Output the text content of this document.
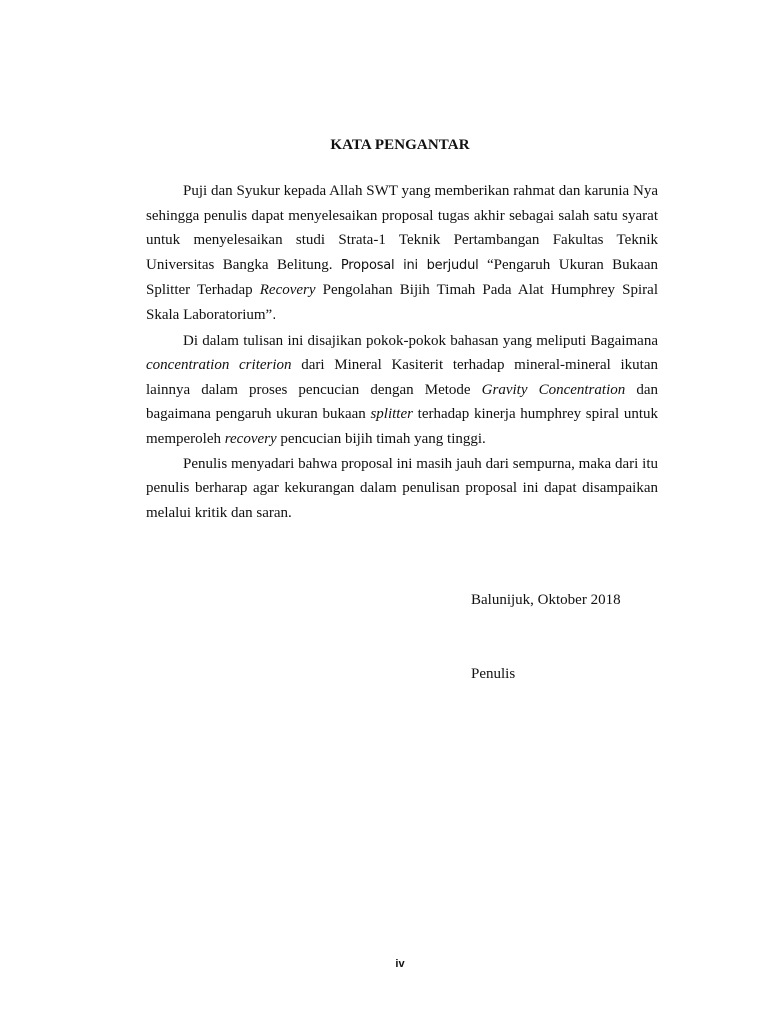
KATA PENGANTAR

Puji dan Syukur kepada Allah SWT yang memberikan rahmat dan karunia Nya sehingga penulis dapat menyelesaikan proposal tugas akhir sebagai salah satu syarat untuk menyelesaikan studi Strata-1 Teknik Pertambangan Fakultas Teknik Universitas Bangka Belitung. Proposal ini berjudul “Pengaruh Ukuran Bukaan Splitter Terhadap Recovery Pengolahan Bijih Timah Pada Alat Humphrey Spiral Skala Laboratorium”.

Di dalam tulisan ini disajikan pokok-pokok bahasan yang meliputi Bagaimana concentration criterion dari Mineral Kasiterit terhadap mineral-mineral ikutan lainnya dalam proses pencucian dengan Metode Gravity Concentration dan bagaimana pengaruh ukuran bukaan splitter terhadap kinerja humphrey spiral untuk memperoleh recovery pencucian bijih timah yang tinggi.

Penulis menyadari bahwa proposal ini masih jauh dari sempurna, maka dari itu penulis berharap agar kekurangan dalam penulisan proposal ini dapat disampaikan melalui kritik dan saran.

Balunijuk, Oktober 2018
Penulis
iv
